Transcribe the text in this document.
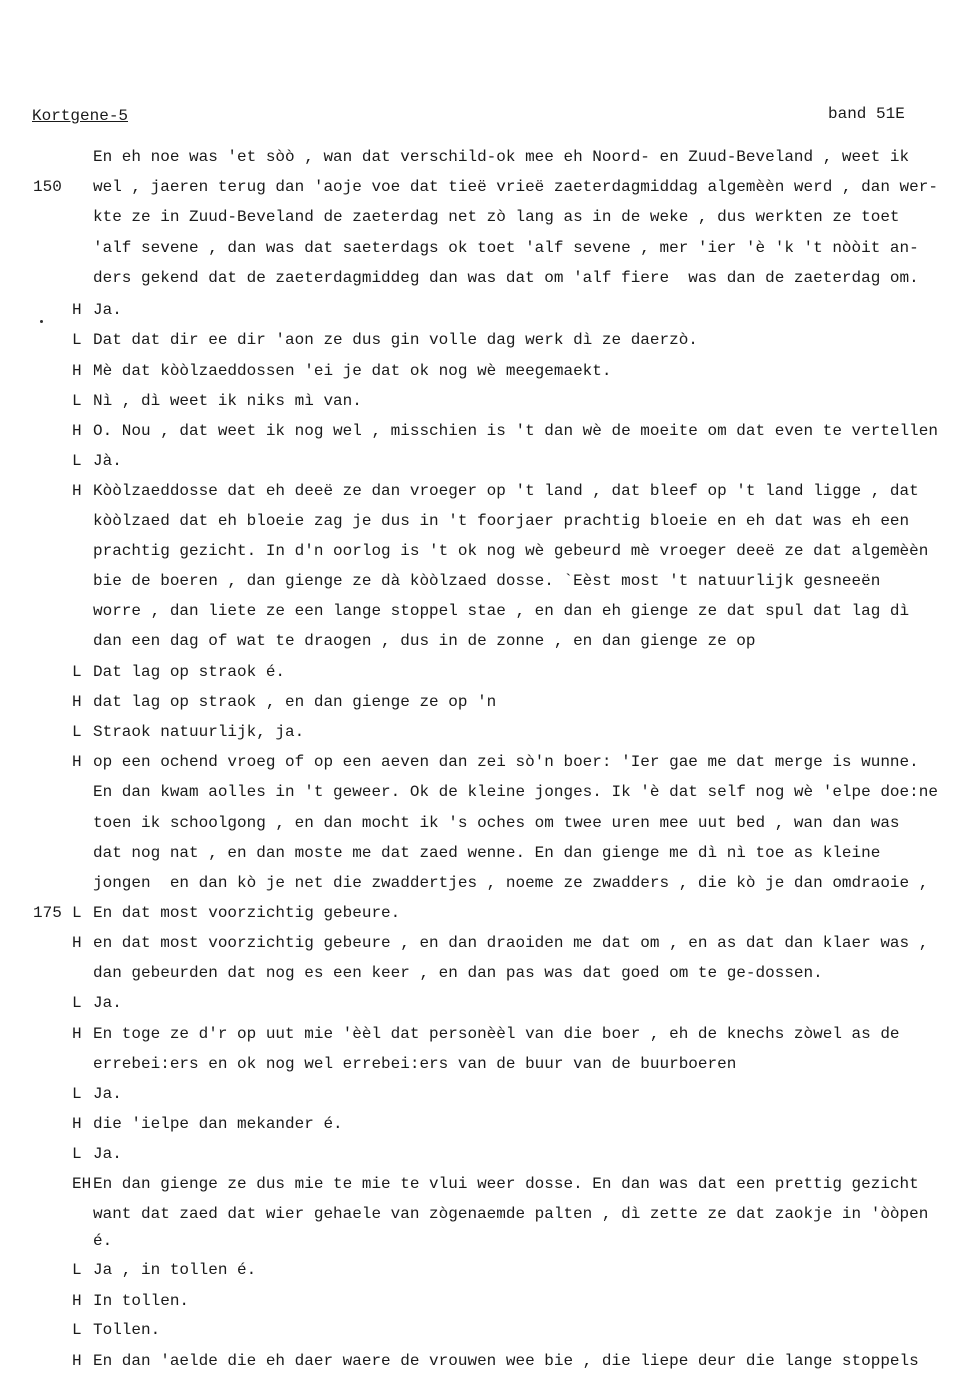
Kortgene-5	band 51E
En eh noe was 'et sòò , wan dat verschild-ok mee eh Noord- en Zuud-Beveland , weet ik
150 wel , jaeren terug dan 'aoje voe dat tieë vrieë zaeterdagmiddag algemèèn werd , dan wer-
kte ze in Zuud-Beveland de zaeterdag net zò lang as in de weke , dus werkten ze toet
'alf sevene , dan was dat saeterdags ok toet 'alf sevene , mer 'ier 'è 'k 't nòòit an-
ders gekend dat de zaeterdagmiddeg dan was dat om 'alf fiere  was dan de zaeterdag om.
H Ja.
L Dat dat dir ee dir 'aon ze dus gin volle dag werk dì ze daerzò.
H Mè dat kòòlzaeddossen 'ei je dat ok nog wè meegemaekt.
L Nì , dì weet ik niks mì van.
H O. Nou , dat weet ik nog wel , misschien is 't dan wè de moeite om dat even te vertellen
L Jà.
H Kòòlzaeddosse dat eh deeë ze dan vroeger op 't land , dat bleef op 't land ligge , dat
kòòlzaed dat eh bloeie zag je dus in 't foorjaer prachtig bloeie en eh dat was eh een
prachtig gezicht. In d'n oorlog is 't ok nog wè gebeurd mè vroeger deeë ze dat algemèèn
bie de boeren , dan gienge ze dà kòòlzaed dosse. `Eèst most 't natuurlijk gesneeën
worre , dan liete ze een lange stoppel stae , en dan eh gienge ze dat spul dat lag dì
dan een dag of wat te draogen , dus in de zonne , en dan gienge ze op
L Dat lag op straok é.
H dat lag op straok , en dan gienge ze op 'n
L Straok natuurlijk, ja.
H op een ochend vroeg of op een aeven dan zei sò'n boer: 'Ier gae me dat merge is wunne.
En dan kwam aolles in 't geweer. Ok de kleine jonges. Ik 'è dat self nog wè 'elpe doe:ne
toen ik schoolgong , en dan mocht ik 's oches om twee uren mee uut bed , wan dan was
dat nog nat , en dan moste me dat zaed wenne. En dan gienge me dì nì toe as kleine
jongen  en dan kò je net die zwaddertjes , noeme ze zwadders , die kò je dan omdraoie ,
175 L En dat most voorzichtig gebeure.
H en dat most voorzichtig gebeure , en dan draoiden me dat om , en as dat dan klaer was ,
dan gebeurden dat nog es een keer , en dan pas was dat goed om te ge-dossen.
L Ja.
H En toge ze d'r op uut mie 'èèl dat personèèl van die boer , eh de knechs zòwel as de
errebei:ers en ok nog wel errebei:ers van de buur van de buurboeren
L Ja.
H die 'ielpe dan mekander é.
L Ja.
EH En dan gienge ze dus mie te mie te vlui weer dosse. En dan was dat een prettig gezicht
want dat zaed dat wier gehaele van zògenaemde palten , dì zette ze dat zaokje in 'òòpen
é.
L Ja , in tollen é.
H In tollen.
L Tollen.
H En dan 'aelde die eh daer waere de vrouwen wee bie , die liepe deur die lange stoppels
